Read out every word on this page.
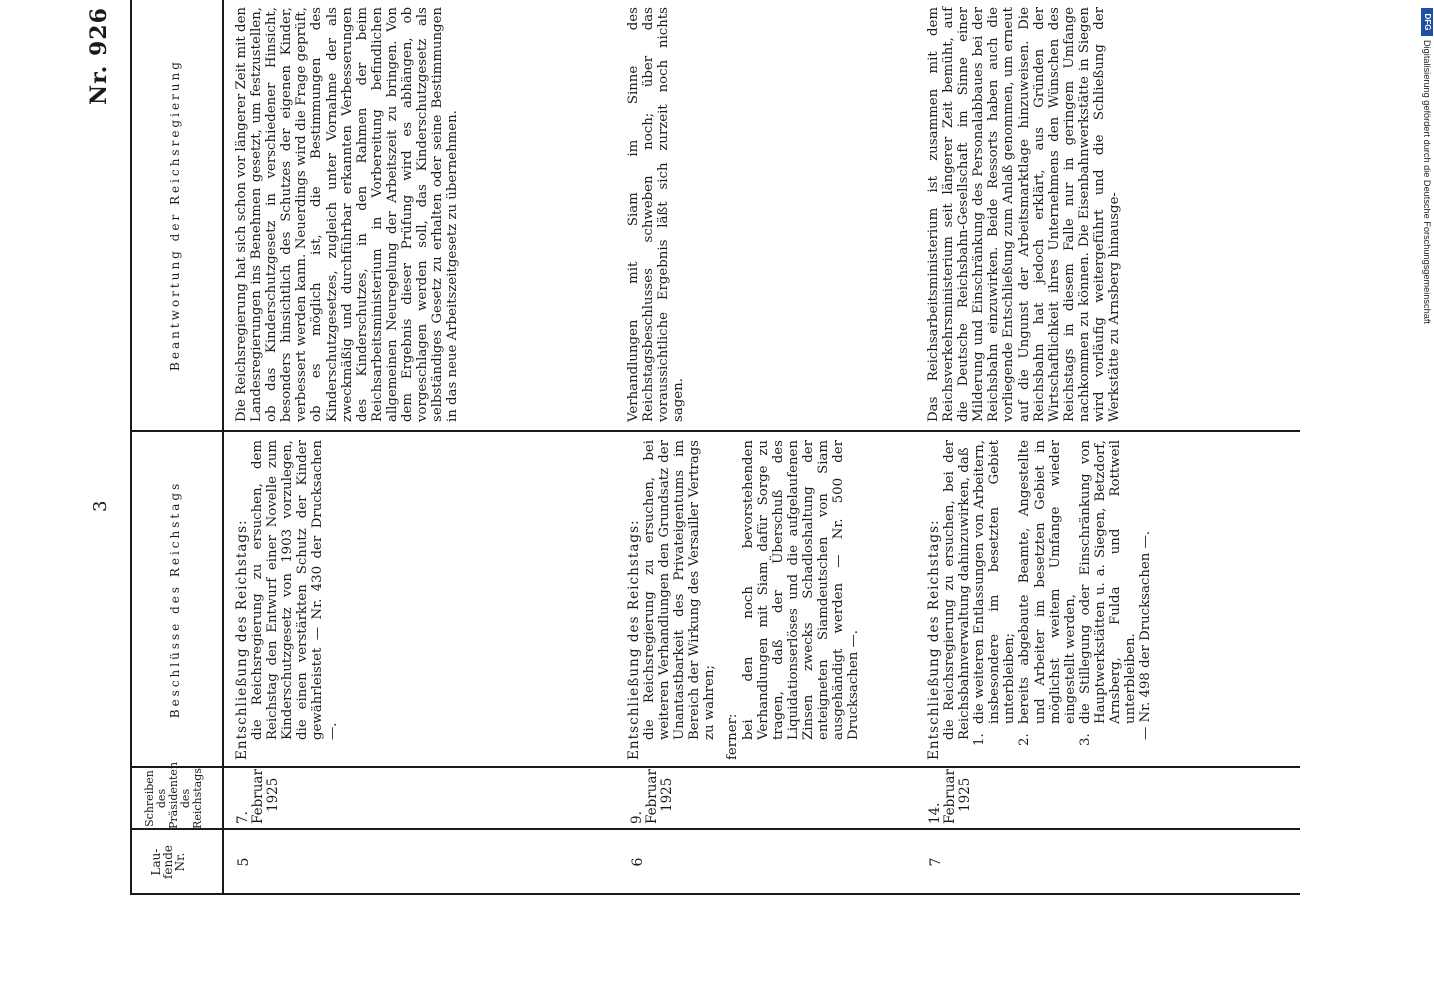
3
Nr. 926
Lau-
fende
Nr.
Schreiben des Präsidenten des Reichstags
Beschlüsse des Reichstags
Beantwortung der Reichsregierung
5
7. Februar 1925

Entschließung des Reichstags: die Reichsregierung zu ersuchen, dem Reichstag den Entwurf einer Novelle zum Kinderschutzgesetz von 1903 vorzulegen, die einen verstärkten Schutz der Kinder gewährleistet — Nr. 430 der Drucksachen —.

Die Reichsregierung hat sich schon vor längerer Zeit mit den Landesregierungen ins Benehmen gesetzt, um festzustellen, ob das Kinderschutzgesetz in verschiedener Hinsicht, besonders hinsichtlich des Schutzes der eigenen Kinder, verbessert werden kann. Neuerdings wird die Frage geprüft, ob es möglich ist, die Bestimmungen des Kinderschutzgesetzes, zugleich unter Vornahme der als zweckmäßig und durchführbar erkannten Verbesserungen des Kinderschutzes, in den Rahmen der beim Reichsarbeitsministerium in Vorbereitung befindlichen allgemeinen Neuregelung der Arbeitszeit zu bringen. Von dem Ergebnis dieser Prüfung wird es abhängen, ob vorgeschlagen werden soll, das Kinderschutzgesetz als selbständiges Gesetz zu erhalten oder seine Bestimmungen in das neue Arbeitszeitgesetz zu übernehmen.

6
9. Februar 1925

Entschließung des Reichstags: die Reichsregierung zu ersuchen, bei weiteren Verhandlungen den Grundsatz der Unantastbarkeit des Privateigentums im Bereich der Wirkung des Versailler Vertrags zu wahren; ferner: bei den noch bevorstehenden Verhandlungen mit Siam dafür Sorge zu tragen, daß der Überschuß des Liquidationserlöses und die aufgelaufenen Zinsen zwecks Schadloshaltung der enteigneten Siamdeutschen von Siam ausgehändigt werden — Nr. 500 der Drucksachen —.

Verhandlungen mit Siam im Sinne des Reichstagsbeschlusses schweben noch; über das voraussichtliche Ergebnis läßt sich zurzeit noch nichts sagen.

7
14. Februar 1925

Entschließung des Reichstags: die Reichsregierung zu ersuchen, bei der Reichsbahnverwaltung dahinzuwirken, daß 1.
die weiteren Entlassungen von Arbeitern, insbesondere im besetzten Gebiet unterbleiben;
2.
bereits abgebaute Beamte, Angestellte und Arbeiter im besetzten Gebiet in möglichst weitem Umfange wieder eingestellt werden,
3.
die Stillegung oder Einschränkung von Hauptwerkstätten u. a. Siegen, Betzdorf, Arnsberg, Fulda und Rottweil unterbleiben. — Nr. 498 der Drucksachen —.

Das Reichsarbeitsministerium ist zusammen mit dem Reichsverkehrsministerium seit längerer Zeit bemüht, auf die Deutsche Reichsbahn-Gesellschaft im Sinne einer Milderung und Einschränkung des Personalabbaues bei der Reichsbahn einzuwirken. Beide Ressorts haben auch die vorliegende Entschließung zum Anlaß genommen, um erneut auf die Ungunst der Arbeitsmarktlage hinzuweisen. Die Reichsbahn hat jedoch erklärt, aus Gründen der Wirtschaftlichkeit ihres Unternehmens den Wünschen des Reichstags in diesem Falle nur in geringem Umfange nachkommen zu können. Die Eisenbahnwerkstätte in Siegen wird vorläufig weitergeführt und die Schließung der Werkstätte zu Arnsberg hinausge-

DFG
Digitalisierung gefördert durch die Deutsche Forschungsgemeinschaft
